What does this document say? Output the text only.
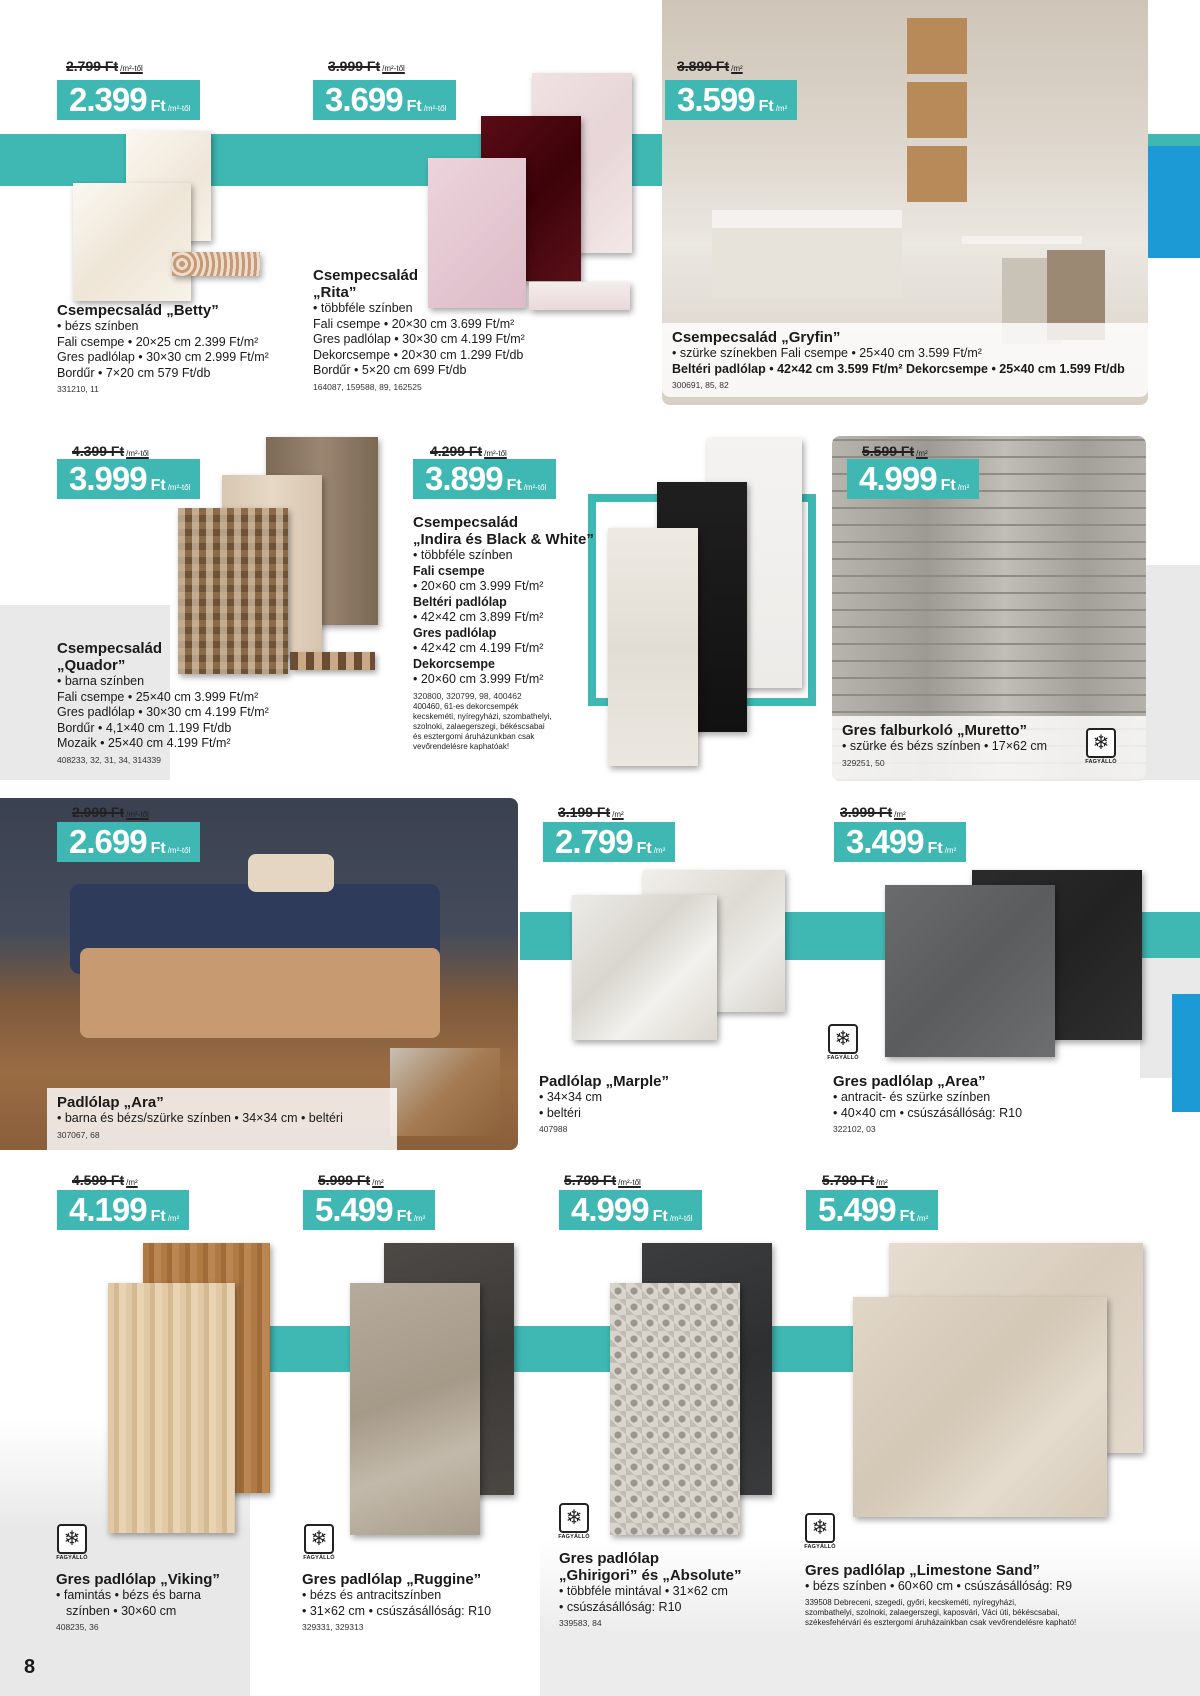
2.799 Ft /m²-től
2.399 Ft /m²-től
Csempecsalád „Betty”
• bézs színben
Fali csempe • 20×25 cm 2.399 Ft/m²
Gres padlólap • 30×30 cm 2.999 Ft/m²
Bordűr • 7×20 cm 579 Ft/db
331210, 11
3.999 Ft /m²-től
3.699 Ft /m²-től
Csempecsalád
„Rita”
• többféle színben
Fali csempe • 20×30 cm 3.699 Ft/m²
Gres padlólap • 30×30 cm 4.199 Ft/m²
Dekorcsempe • 20×30 cm 1.299 Ft/db
Bordűr • 5×20 cm 699 Ft/db
164087, 159588, 89, 162525
3.899 Ft /m²
3.599 Ft /m²
Csempecsalád „Gryfin”
• szürke színekben Fali csempe • 25×40 cm 3.599 Ft/m²
Beltéri padlólap • 42×42 cm 3.599 Ft/m² Dekorcsempe • 25×40 cm 1.599 Ft/db
300691, 85, 82
4.399 Ft /m²-től
3.999 Ft /m²-től
Csempecsalád
„Quador”
• barna színben
Fali csempe • 25×40 cm 3.999 Ft/m²
Gres padlólap • 30×30 cm 4.199 Ft/m²
Bordűr • 4,1×40 cm 1.199 Ft/db
Mozaik • 25×40 cm 4.199 Ft/m²
408233, 32, 31, 34, 314339
4.299 Ft /m²-től
3.899 Ft /m²-től
Csempecsalád
„Indira és Black & White”
• többféle színben
Fali csempe
• 20×60 cm 3.999 Ft/m²
Beltéri padlólap
• 42×42 cm 3.899 Ft/m²
Gres padlólap
• 42×42 cm 4.199 Ft/m²
Dekorcsempe
• 20×60 cm 3.999 Ft/m²
320800, 320799, 98, 400462
400460, 61-es dekorcsempék
kecskeméti, nyíregyházi, szombathelyi,
szolnoki, zalaegerszegi, békéscsabai
és esztergomi áruházunkban csak
vevőrendelésre kaphatóak!
5.599 Ft /m²
4.999 Ft /m²
Gres falburkoló „Muretto”
• szürke és bézs színben • 17×62 cm
329251, 50
❄
FAGYÁLLÓ
2.999 Ft /m²-től
2.699 Ft /m²-től
Padlólap „Ara”
• barna és bézs/szürke színben • 34×34 cm • beltéri
307067, 68
3.199 Ft /m²
2.799 Ft /m²
Padlólap „Marple”
• 34×34 cm
• beltéri
407988
3.999 Ft /m²
3.499 Ft /m²
❄
FAGYÁLLÓ
Gres padlólap „Area”
• antracit- és szürke színben
• 40×40 cm • csúszásállóság: R10
322102, 03
4.599 Ft /m²
4.199 Ft /m²
❄
FAGYÁLLÓ
Gres padlólap „Viking”
• famintás • bézs és barna
színben • 30×60 cm
408235, 36
5.999 Ft /m²
5.499 Ft /m²
❄
FAGYÁLLÓ
Gres padlólap „Ruggine”
• bézs és antracitszínben
• 31×62 cm • csúszásállóság: R10
329331, 329313
5.799 Ft /m²-től
4.999 Ft /m²-től
❄
FAGYÁLLÓ
Gres padlólap
„Ghirigori” és „Absolute”
• többféle mintával • 31×62 cm
• csúszásállóság: R10
339583, 84
5.799 Ft /m²
5.499 Ft /m²
❄
FAGYÁLLÓ
Gres padlólap „Limestone Sand”
• bézs színben • 60×60 cm • csúszásállóság: R9
339508 Debreceni, szegedi, győri, kecskeméti, nyíregyházi,
szombathelyi, szolnoki, zalaegerszegi, kaposvári, Váci úti, békéscsabai,
székesfehérvári és esztergomi áruházainkban csak vevőrendelésre kapható!
8
